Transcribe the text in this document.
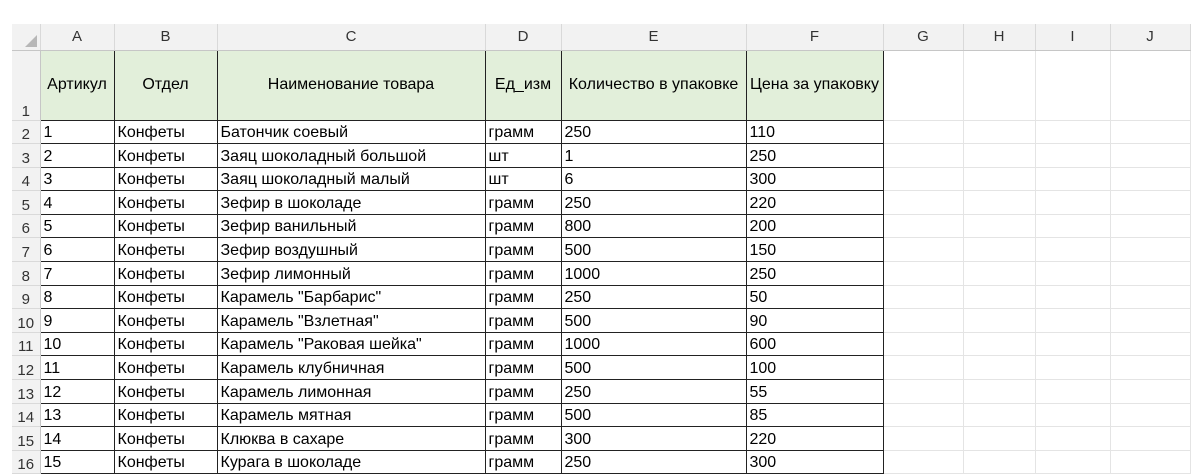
	A	B	C	D	E	F	G	H	I	J
1	Артикул	Отдел	Наименование товара	Ед_изм	Количество в упаковке	Цена за упаковку				
2	1	Конфеты	Батончик соевый	грамм	250	110				
3	2	Конфеты	Заяц шоколадный большой	шт	1	250				
4	3	Конфеты	Заяц шоколадный малый	шт	6	300				
5	4	Конфеты	Зефир в шоколаде	грамм	250	220				
6	5	Конфеты	Зефир ванильный	грамм	800	200				
7	6	Конфеты	Зефир воздушный	грамм	500	150				
8	7	Конфеты	Зефир лимонный	грамм	1000	250				
9	8	Конфеты	Карамель "Барбарис"	грамм	250	50				
10	9	Конфеты	Карамель "Взлетная"	грамм	500	90				
11	10	Конфеты	Карамель "Раковая шейка"	грамм	1000	600				
12	11	Конфеты	Карамель клубничная	грамм	500	100				
13	12	Конфеты	Карамель лимонная	грамм	250	55				
14	13	Конфеты	Карамель мятная	грамм	500	85				
15	14	Конфеты	Клюква в сахаре	грамм	300	220				
16	15	Конфеты	Курага в шоколаде	грамм	250	300				
